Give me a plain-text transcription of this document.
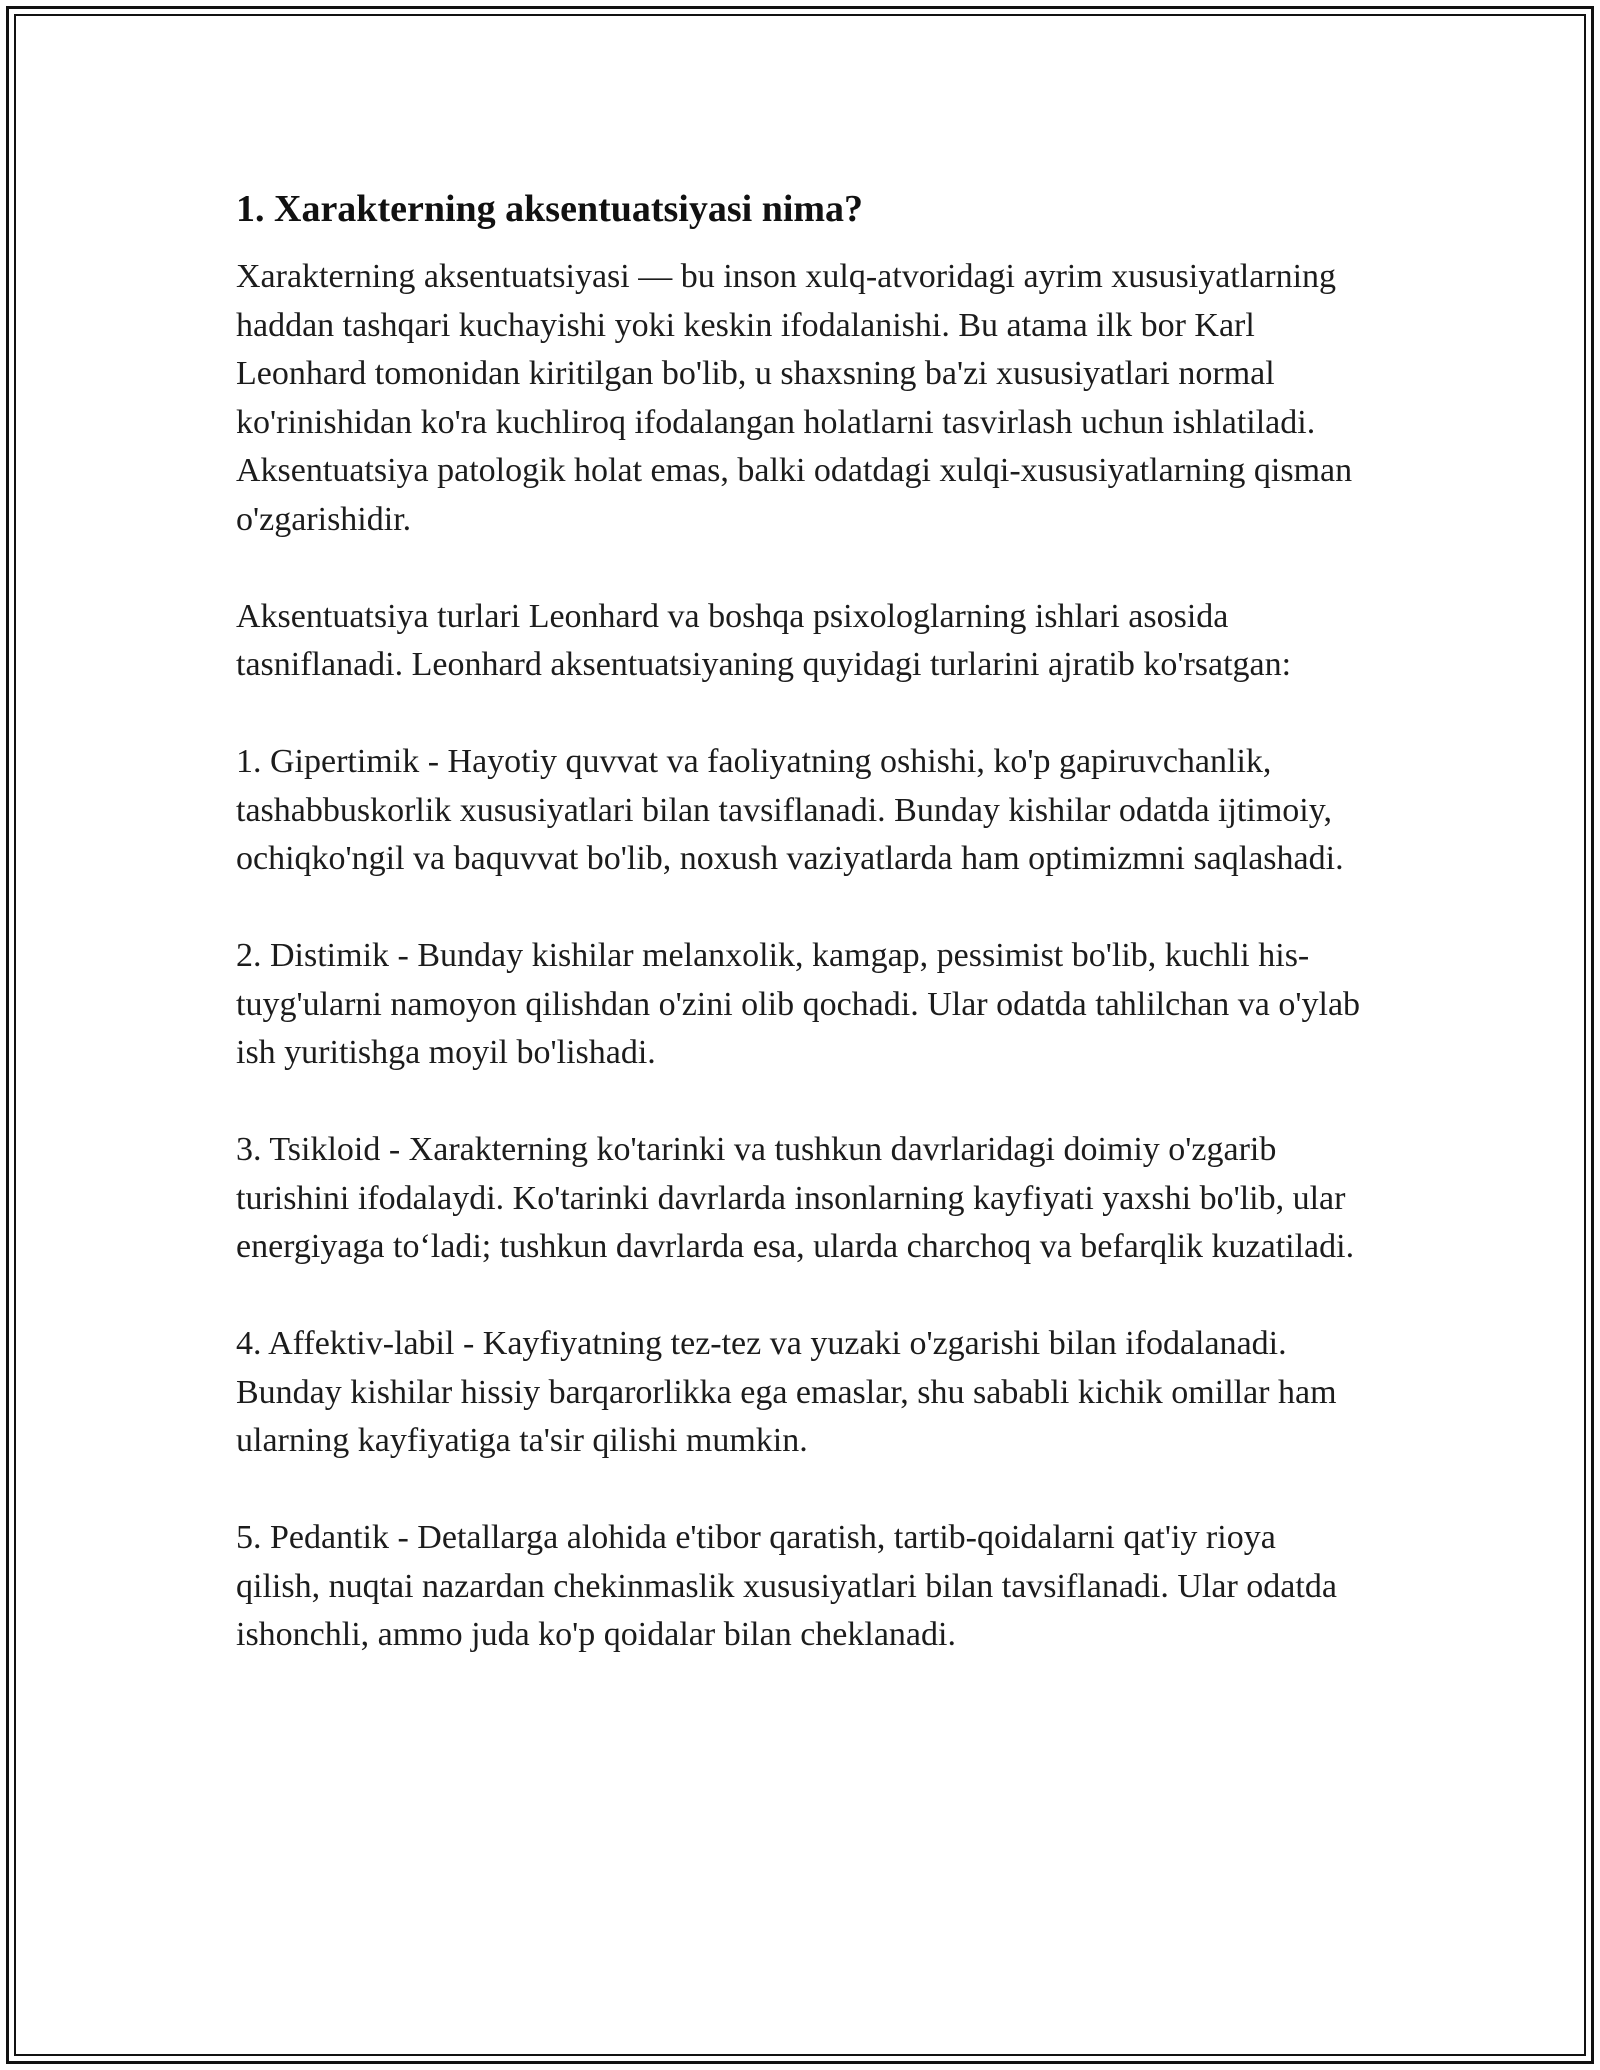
1. Xarakterning aksentuatsiyasi nima?

Xarakterning aksentuatsiyasi — bu inson xulq-atvoridagi ayrim xususiyatlarning haddan tashqari kuchayishi yoki keskin ifodalanishi. Bu atama ilk bor Karl Leonhard tomonidan kiritilgan bo'lib, u shaxsning ba'zi xususiyatlari normal ko'rinishidan ko'ra kuchliroq ifodalangan holatlarni tasvirlash uchun ishlatiladi. Aksentuatsiya patologik holat emas, balki odatdagi xulqi-xususiyatlarning qisman o'zgarishidir.

Aksentuatsiya turlari Leonhard va boshqa psixologlarning ishlari asosida tasniflanadi. Leonhard aksentuatsiyaning quyidagi turlarini ajratib ko'rsatgan:

1. Gipertimik - Hayotiy quvvat va faoliyatning oshishi, ko'p gapiruvchanlik, tashabbuskorlik xususiyatlari bilan tavsiflanadi. Bunday kishilar odatda ijtimoiy, ochiqko'ngil va baquvvat bo'lib, noxush vaziyatlarda ham optimizmni saqlashadi.

2. Distimik - Bunday kishilar melanxolik, kamgap, pessimist bo'lib, kuchli his-tuyg'ularni namoyon qilishdan o'zini olib qochadi. Ular odatda tahlilchan va o'ylab ish yuritishga moyil bo'lishadi.

3. Tsikloid - Xarakterning ko'tarinki va tushkun davrlaridagi doimiy o'zgarib turishini ifodalaydi. Ko'tarinki davrlarda insonlarning kayfiyati yaxshi bo'lib, ular energiyaga to‘ladi; tushkun davrlarda esa, ularda charchoq va befarqlik kuzatiladi.

4. Affektiv-labil - Kayfiyatning tez-tez va yuzaki o'zgarishi bilan ifodalanadi. Bunday kishilar hissiy barqarorlikka ega emaslar, shu sababli kichik omillar ham ularning kayfiyatiga ta'sir qilishi mumkin.

5. Pedantik - Detallarga alohida e'tibor qaratish, tartib-qoidalarni qat'iy rioya qilish, nuqtai nazardan chekinmaslik xususiyatlari bilan tavsiflanadi. Ular odatda ishonchli, ammo juda ko'p qoidalar bilan cheklanadi.
